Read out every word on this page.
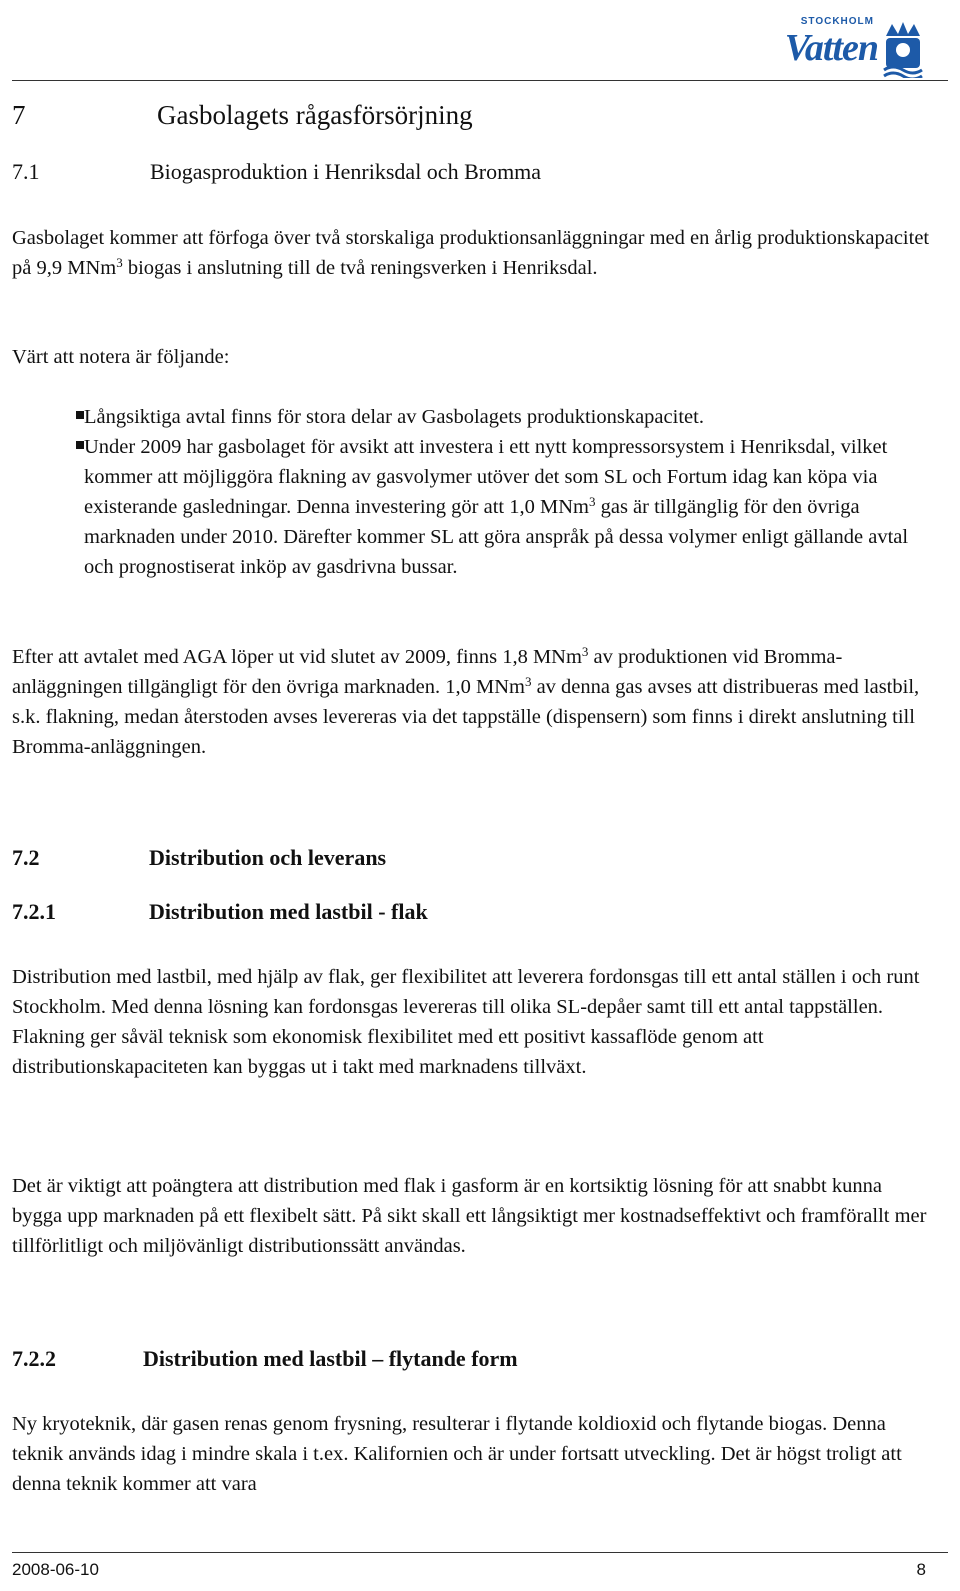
STOCKHOLM
Vatten
7	Gasbolagets rågasförsörjning
7.1	Biogasproduktion i Henriksdal och Bromma

Gasbolaget kommer att förfoga över två storskaliga produktionsanläggningar med en årlig produktionskapacitet på 9,9 MNm$^3$ biogas i anslutning till de två reningsverken i Henriksdal.

Värt att notera är följande:

Långsiktiga avtal finns för stora delar av Gasbolagets produktionskapacitet.
Under 2009 har gasbolaget för avsikt att investera i ett nytt kompressorsystem i Henriksdal, vilket kommer att möjliggöra flakning av gasvolymer utöver det som SL och Fortum idag kan köpa via existerande gasledningar. Denna investering gör att 1,0 MNm$^3$ gas är tillgänglig för den övriga marknaden under 2010. Därefter kommer SL att göra anspråk på dessa volymer enligt gällande avtal och prognostiserat inköp av gasdrivna bussar.

Efter att avtalet med AGA löper ut vid slutet av 2009, finns 1,8 MNm$^3$ av produktionen vid Bromma-anläggningen tillgängligt för den övriga marknaden. 1,0 MNm$^3$ av denna gas avses att distribueras med lastbil, s.k. flakning, medan återstoden avses levereras via det tappställe (dispensern) som finns i direkt anslutning till Bromma-anläggningen.

7.2	Distribution och leverans
7.2.1	Distribution med lastbil - flak

Distribution med lastbil, med hjälp av flak, ger flexibilitet att leverera fordonsgas till ett antal ställen i och runt Stockholm. Med denna lösning kan fordonsgas levereras till olika SL-depåer samt till ett antal tappställen. Flakning ger såväl teknisk som ekonomisk flexibilitet med ett positivt kassaflöde genom att distributionskapaciteten kan byggas ut i takt med marknadens tillväxt.

Det är viktigt att poängtera att distribution med flak i gasform är en kortsiktig lösning för att snabbt kunna bygga upp marknaden på ett flexibelt sätt. På sikt skall ett långsiktigt mer kostnadseffektivt och framförallt mer tillförlitligt och miljövänligt distributionssätt användas.

7.2.2	Distribution med lastbil – flytande form

Ny kryoteknik, där gasen renas genom frysning, resulterar i flytande koldioxid och flytande biogas. Denna teknik används idag i mindre skala i t.ex. Kalifornien och är under fortsatt utveckling. Det är högst troligt att denna teknik kommer att vara

2008-06-10	8
